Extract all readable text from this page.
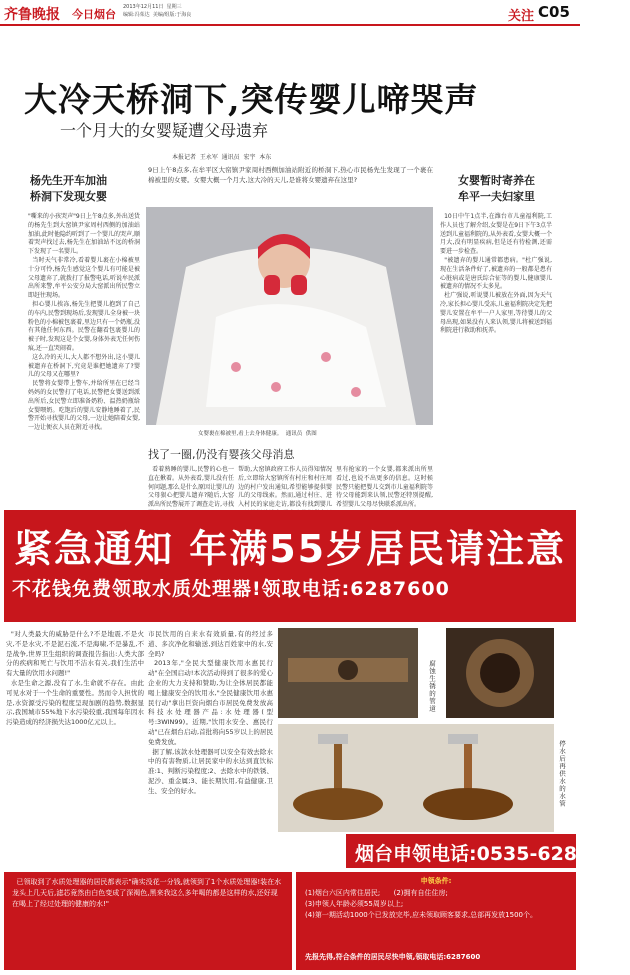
齐鲁晚报 今日烟台
2013年12月11日  星期三
编辑:冯茱达  美编/组版:于海良	关注 C05
大冷天桥洞下,突传婴儿啼哭声
一个月大的女婴疑遭父母遗弃
本报记者  王永军  通讯员  宏宇  本东
杨先生开车加油
桥洞下发现女婴
"嘶来的小孩哭声"9日上午8点多,外出送货的杨先生到大窑镇尹家周村西侧的加油站加油,此时他隐约听到了一个婴儿的哭声,顺着哭声找过去,杨先生在加油站不远的桥洞下发现了一名婴儿。
当时天气非常冷,看着婴儿裹在小棉被里十分可怜,杨先生感觉这个婴儿有可能是被父母遗弃了,就拨打了报警电话,听说牟民派出所来警,牟平公安分局大窑派出所民警立即赶往现场。
担心婴儿挨冻,杨先生把婴儿抱到了自己的车内,民警到现场后,发现婴儿全身被一块粉色的小棉被包裹着,里边只有一个奶瓶,没有其他任何东西。民警在翻看包裹婴儿的被子时,发现这是个女婴,身体外表无任何伤痕,还一直哭闹着。
这么冷的天儿,大人都不想外出,这小婴儿被遗弃在桥洞下,究竟是谁把她遗弃了?婴儿的父母又在哪里?
民警将女婴带上警车,并给所里在已经当妈妈的女民警打了电话,民警把女婴送到派出所后,女民警立即准备奶粉、温热奶瓶给女婴喂奶。吃饱后的婴儿安静地睡着了,民警开始寻找婴儿的父母,一边让她陪着女婴,一边让便衣人员在附近寻找。
9日上午8点多,在牟平区大窑镇尹家周村西侧加油站附近的桥洞下,热心市民杨先生发现了一个裹在棉被里的女婴。女婴大概一个月大,这大冷的天儿,是谁将女婴遗弃在这里?
女婴裹在棉被里,看上去身体健康。  通讯员  供图
找了一圈,仍没有婴孩父母消息
看着熟睡的婴儿,民警的心也一直在揪着。从外表看,婴儿没有任何问题,那么是什么原因让婴儿的父母狠心把婴儿遗弃?随后,大窑派出所民警展开了调查走访,寻找
帮助,大窑镇政府工作人员得知情况后,立即给大窑镇所有村庄和村庄周边的村户发出通知,希望能够提供婴儿的父母线索。然而,通过村庄、进入村民的家庭走访,都没有找到婴儿
里有抢家的一个女婴,都来派出所里看过,也说不出更多的信息。这时候民警只能把婴儿交到市儿童福利院等待父母能到来认领,民警还特别提醒,希望婴儿父母尽快联系派出所。
女婴暂时寄养在
牟平一夫妇家里
10日中午1点半,在潍台市儿童福利院,工作人员也了解介绍,女婴是在9日下午3点半送到儿童福利院的,从外表看,女婴大概一个月大,没有明显疾病,但是还有待检测,还需要进一步检查。
"被遗弃的婴儿通常都患病。"杜广强说,现在生活条件好了,被遗弃的一般都是患有心脏病或是唐氏综合征等的婴儿,健康婴儿被遗弃的情况不太多见。
杜广强说,听说婴儿被放在外面,因为天气冷,家长担心婴儿受冻,儿童福利院决定先把婴儿安置在牟平一户人家里,等待婴儿的父母出现,如果没有人来认领,婴儿将被送到福利院进行救助和抚养。
紧急通知 年满55岁居民请注意
不花钱免费领取水质处理器!领取电话:6287600
"对人类最大的威胁是什么?不是地震,不是火灾,不是水灾,不是泥石流,不是海啸,不是暴乱,不是战争,世界卫生组织的调查报告指出:人类大部分的疾病和死亡与饮用不洁水有关,我们生活中有大量的饮用水问题!"
水是生命之源,没有了水,生命就不存在。由此可见水对于一个生命的重要性。然而令人担忧的是,水资源受污染的程度呈现加剧的趋势,数据显示,我国城市55%地下水污染较重,我国每年因水污染造成的经济损失达1000亿元以上。
市民饮用的自来水有效质量,有的经过多道、多次净化和输送,到达百姓家中的水,安全吗?
2013年,"全民大型健康饮用水惠民行动"在全国启动!本次活动得到了很多的爱心企业的大力支持和赞助,为让全体居民都能喝上健康安全的饮用水,"全民健康饮用水惠民行动"拿出巨资向烟台市居民免费发放高科技水处理器产品:水处理器(型号:3WIN99)。近期,"饮用水安全、惠民行动"已在烟台启动,首批将向55岁以上的居民免费发放。
据了解,该款水处理器可以安全有效去除水中的有害物质,让居民家中的水达到直饮标准:1、判断污染程度;2、去除水中的铁锈、泥沙、重金属;3、能长期饮用,有益健康,卫生、安全的好水。
腐蚀生锈的管道
停水后再供水的水管
烟台申领电话:0535-6287600
已领取到了水质处理器的居民都表示"确实没花一分钱,就领到了1个水质处理器!装在水龙头上几天后,滤芯竟然由白色变成了深褐色,黑来我这么多年喝的都是这样的水,还好现在喝上了经过处理的健康的水!"
申领条件:
(1)烟台六区内常住居民;      (2)拥有自住住房;
(3)申领人年龄必须55周岁以上;
(4)第一期活动1000个已发放完毕,应未领取顾客要求,总部再发放1500个。
先报先得,符合条件的居民尽快申领,领取电话:6287600
